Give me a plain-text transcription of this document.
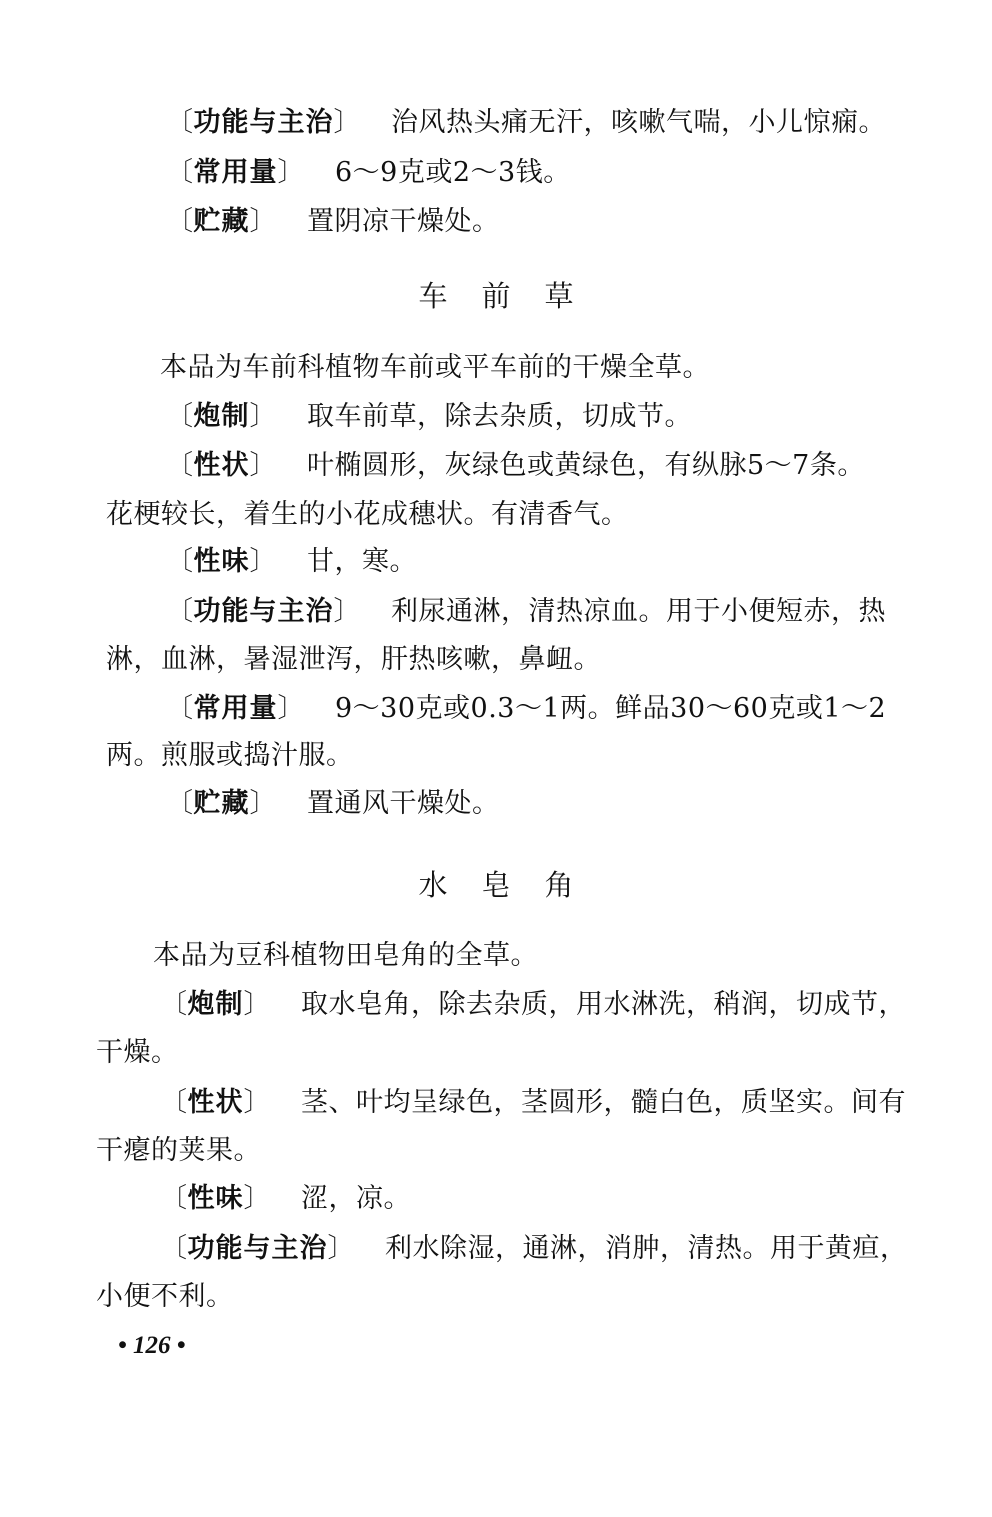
〔功能与主治〕 治风热头痛无汗，咳嗽气喘，小儿惊痫。
〔常用量〕 6～9克或2～3钱。
〔贮藏〕 置阴凉干燥处。
车前草
本品为车前科植物车前或平车前的干燥全草。
〔炮制〕 取车前草，除去杂质，切成节。
〔性状〕 叶椭圆形，灰绿色或黄绿色，有纵脉5～7条。
花梗较长，着生的小花成穗状。有清香气。
〔性味〕 甘，寒。
〔功能与主治〕 利尿通淋，清热凉血。用于小便短赤，热
淋，血淋，暑湿泄泻，肝热咳嗽，鼻衄。
〔常用量〕 9～30克或0.3～1两。鲜品30～60克或1～2
两。煎服或捣汁服。
〔贮藏〕 置通风干燥处。
水皂角
本品为豆科植物田皂角的全草。
〔炮制〕 取水皂角，除去杂质，用水淋洗，稍润，切成节，
干燥。
〔性状〕 茎、叶均呈绿色，茎圆形，髓白色，质坚实。间有
干瘪的荚果。
〔性味〕 涩，凉。
〔功能与主治〕 利水除湿，通淋，消肿，清热。用于黄疸，
小便不利。
• 126 •
